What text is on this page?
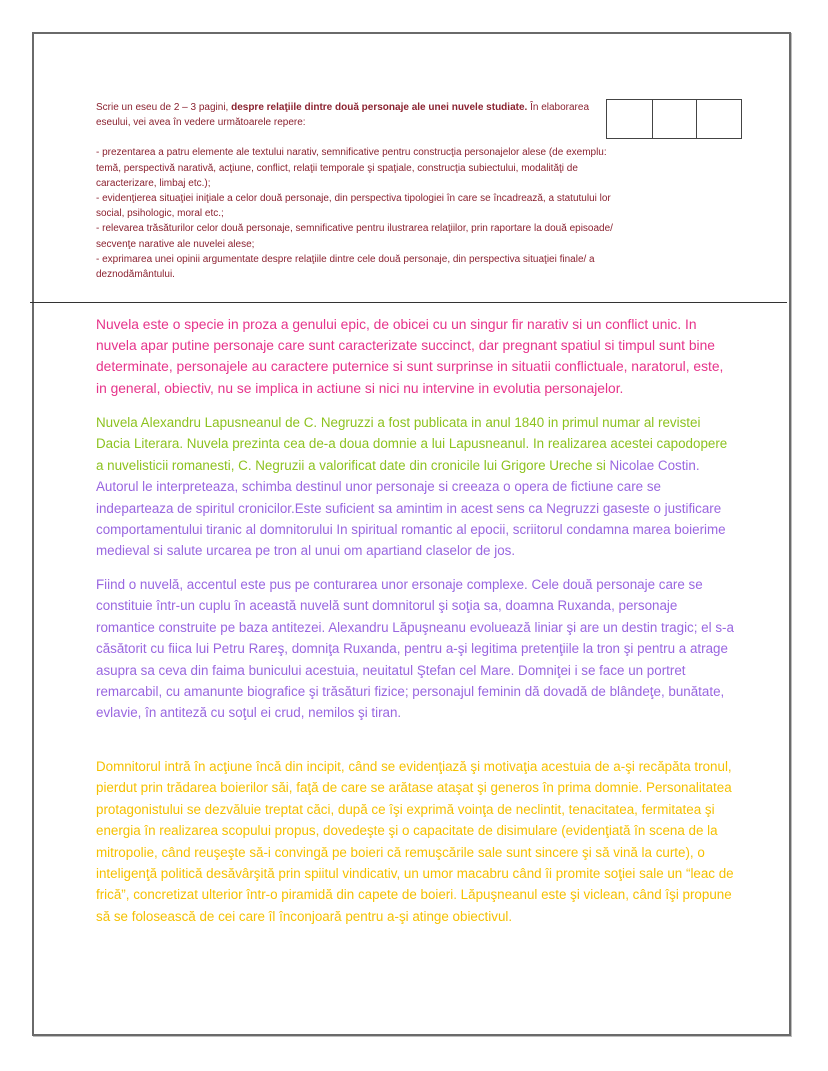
Scrie un eseu de 2 – 3 pagini, despre relaţiile dintre două personaje ale unei nuvele studiate. În elaborarea eseului, vei avea în vedere următoarele repere:

- prezentarea a patru elemente ale textului narativ, semnificative pentru construcţia personajelor alese (de exemplu: temă, perspectivă narativă, acţiune, conflict, relaţii temporale şi spaţiale, construcţia subiectului, modalităţi de caracterizare, limbaj etc.);

- evidenţierea situaţiei iniţiale a celor două personaje, din perspectiva tipologiei în care se încadrează, a statutului lor social, psihologic, moral etc.;

- relevarea trăsăturilor celor două personaje, semnificative pentru ilustrarea relaţiilor, prin raportare la două episoade/ secvenţe narative ale nuvelei alese;

- exprimarea unei opinii argumentate despre relaţiile dintre cele două personaje, din perspectiva situaţiei finale/ a deznodământului.

Nuvela este o specie in proza a genului epic, de obicei cu un singur fir narativ si un conflict unic. In nuvela apar putine personaje care sunt caracterizate succinct, dar pregnant spatiul si timpul sunt bine determinate, personajele au caractere puternice si sunt surprinse in situatii conflictuale, naratorul, este, in general, obiectiv, nu se implica in actiune si nici nu intervine in evolutia personajelor.

Nuvela Alexandru Lapusneanul de C. Negruzzi a fost publicata in anul 1840 in primul numar al revistei Dacia Literara. Nuvela prezinta cea de-a doua domnie a lui Lapusneanul. In realizarea acestei capodopere a nuvelisticii romanesti, C. Negruzii a valorificat date din cronicile lui Grigore Ureche si Nicolae Costin. Autorul le interpreteaza, schimba destinul unor personaje si creeaza o opera de fictiune care se indeparteaza de spiritul cronicilor.Este suficient sa amintim in acest sens ca Negruzzi gaseste o justificare comportamentului tiranic al domnitorului In spiritual romantic al epocii, scriitorul condamna marea boierime medieval si salute urcarea pe tron al unui om apartiand claselor de jos.

Fiind o nuvelă, accentul este pus pe conturarea unor ersonaje complexe. Cele două personaje care se constituie într-un cuplu în această nuvelă sunt domnitorul şi soţia sa, doamna Ruxanda, personaje romantice construite pe baza antitezei. Alexandru Lăpuşneanu evoluează liniar şi are un destin tragic; el s-a căsătorit cu fiica lui Petru Rareş, domniţa Ruxanda, pentru a-şi legitima pretenţiile la tron şi pentru a atrage asupra sa ceva din faima bunicului acestuia, neuitatul Ştefan cel Mare. Domniţei i se face un portret remarcabil, cu amanunte biografice şi trăsături fizice; personajul feminin dă dovadă de blândeţe, bunătate, evlavie, în antiteză cu soţul ei crud, nemilos şi tiran.

Domnitorul intră în acţiune încă din incipit, când se evidenţiază şi motivaţia acestuia de a-şi recăpăta tronul, pierdut prin trădarea boierilor săi, faţă de care se arătase ataşat şi generos în prima domnie. Personalitatea protagonistului se dezvăluie treptat căci, după ce îşi exprimă voinţa de neclintit, tenacitatea, fermitatea şi energia în realizarea scopului propus, dovedeşte şi o capacitate de disimulare (evidenţiată în scena de la mitropolie, când reuşeşte să-i convingă pe boieri că remuşcările sale sunt sincere şi să vină la curte), o inteligenţă politică desăvârşită prin spiitul vindicativ, un umor macabru când îi promite soţiei sale un “leac de frică”, concretizat ulterior într-o piramidă din capete de boieri. Lăpuşneanul este şi viclean, când îşi propune să se folosească de cei care îl înconjoară pentru a-şi atinge obiectivul.
